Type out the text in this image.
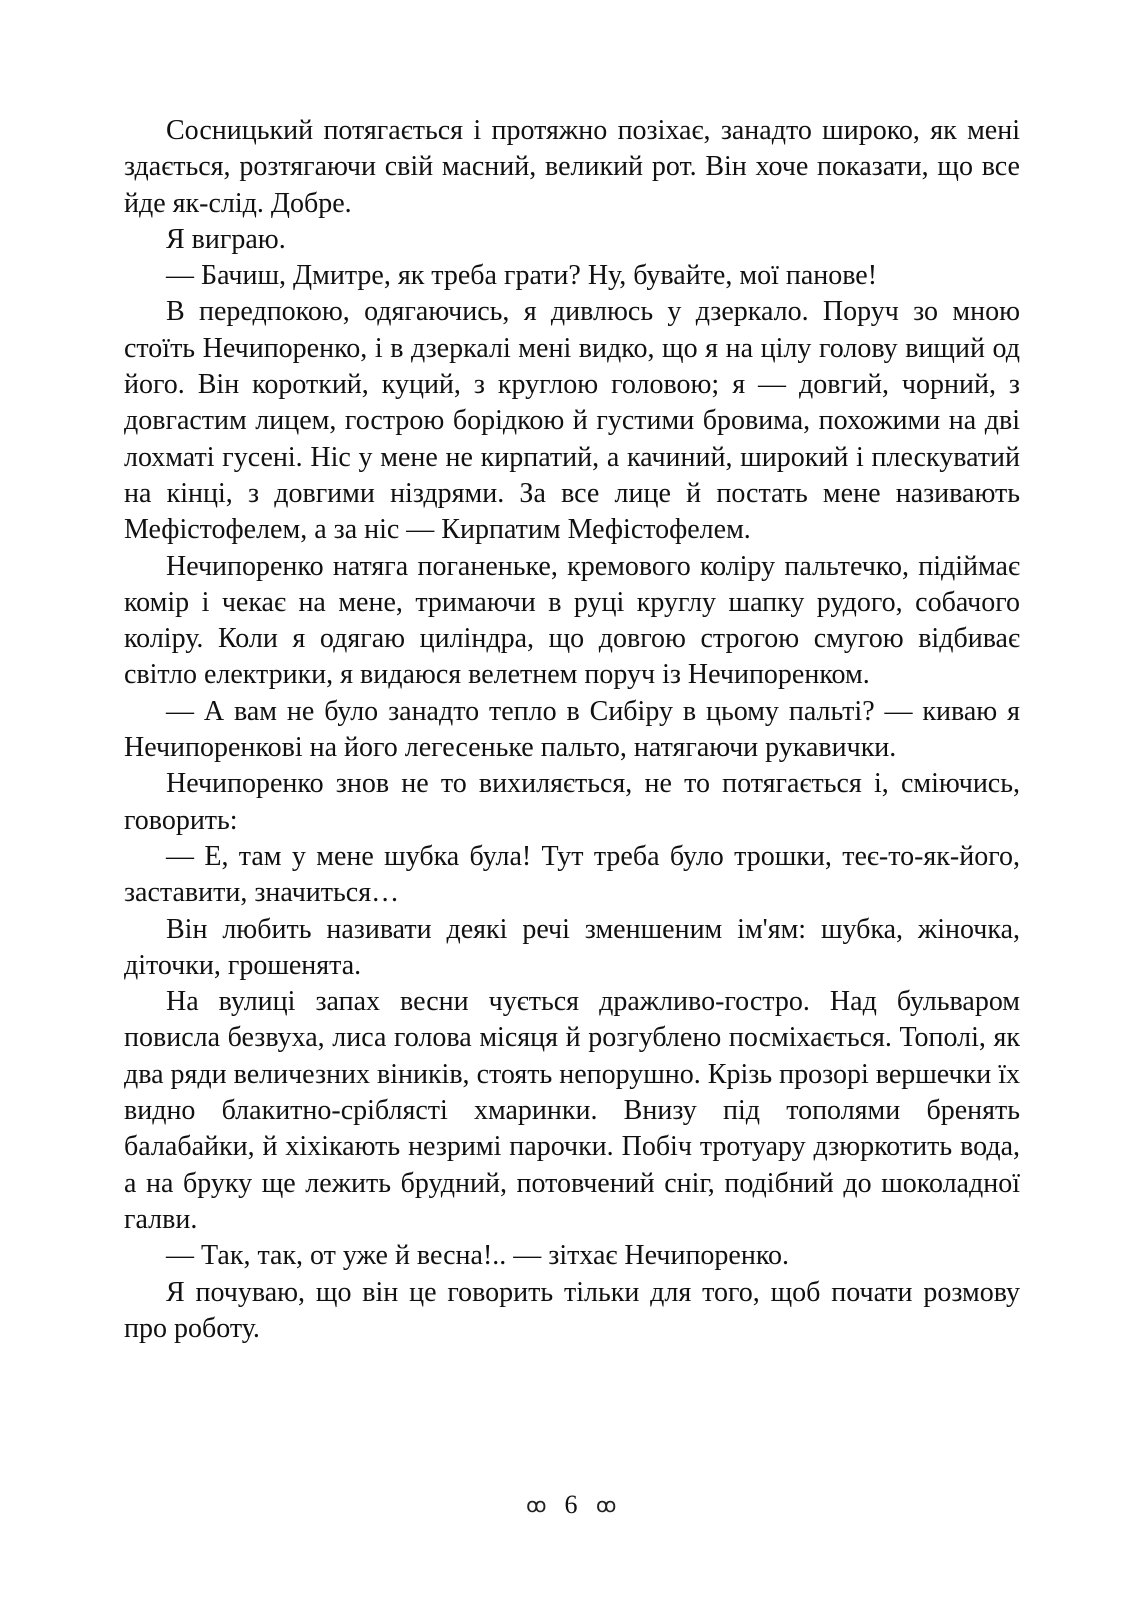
Сосницький потягається і протяжно позіхає, занадто широко, як мені здається, розтягаючи свій масний, великий рот. Він хоче показати, що все йде як-слід. Добре.

Я виграю.

— Бачиш, Дмитре, як треба грати? Ну, бувайте, мої панове!

В передпокою, одягаючись, я дивлюсь у дзеркало. Поруч зо мною стоїть Нечипоренко, і в дзеркалі мені видко, що я на цілу голову вищий од його. Він короткий, куций, з круглою головою; я — довгий, чорний, з довгастим лицем, гострою борідкою й густими бровима, похожими на дві лохматі гусені. Ніс у мене не кирпатий, а качиний, широкий і плескуватий на кінці, з довгими ніздрями. За все лице й постать мене називають Мефістофелем, а за ніс — Кирпатим Мефістофелем.

Нечипоренко натяга поганеньке, кремового коліру пальтечко, підіймає комір і чекає на мене, тримаючи в руці круглу шапку рудого, собачого коліру. Коли я одягаю циліндра, що довгою строгою смугою відбиває світло електрики, я видаюся велетнем поруч із Нечипоренком.

— А вам не було занадто тепло в Сибіру в цьому пальті? — киваю я Нечипоренкові на його легесеньке пальто, натягаючи рукавички.

Нечипоренко знов не то вихиляється, не то потягається і, сміючись, говорить:

— Е, там у мене шубка була! Тут треба було трошки, теє-то-як-його, заставити, значиться…

Він любить називати деякі речі зменшеним ім'ям: шубка, жіночка, діточки, грошенята.

На вулиці запах весни чується дражливо-гостро. Над бульваром повисла безвуха, лиса голова місяця й розгублено посміхається. Тополі, як два ряди величезних віників, стоять непорушно. Крізь прозорі вершечки їх видно блакитно-сріблясті хмаринки. Внизу під тополями бренять балабайки, й хіхікають незримі парочки. Побіч тротуару дзюркотить вода, а на бруку ще лежить брудний, потовчений сніг, подібний до шоколадної галви.

— Так, так, от уже й весна!.. — зітхає Нечипоренко.

Я почуваю, що він це говорить тільки для того, щоб почати розмову про роботу.

ꝏ 6 ꝏ
